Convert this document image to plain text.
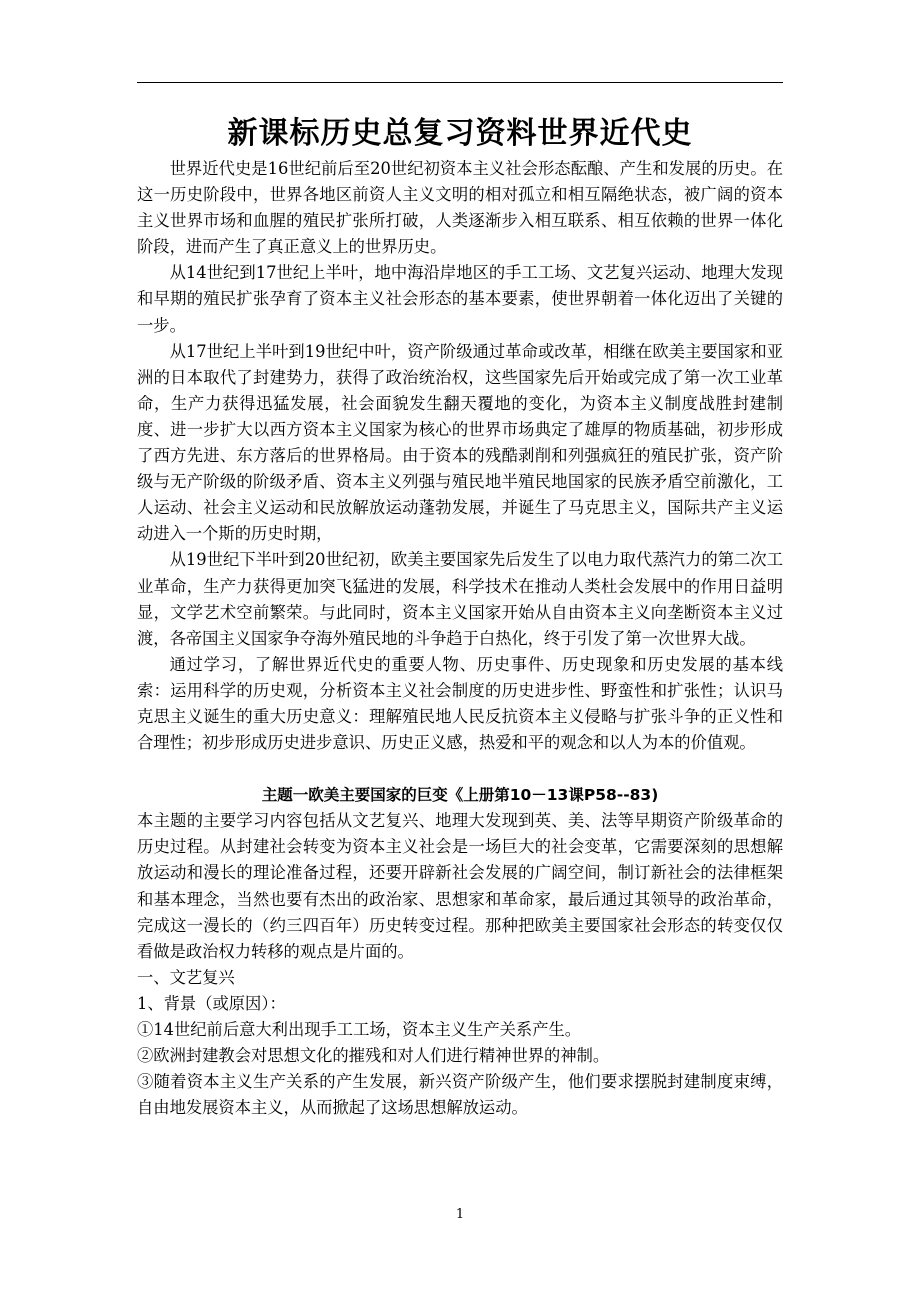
新课标历史总复习资料世界近代史

世界近代史是16世纪前后至20世纪初资本主义社会形态酝酿、产生和发展的历史。在这一历史阶段中，世界各地区前资人主义文明的相对孤立和相互隔绝状态，被广阔的资本主义世界市场和血腥的殖民扩张所打破，人类逐渐步入相互联系、相互依赖的世界一体化阶段，进而产生了真正意义上的世界历史。

从14世纪到17世纪上半叶，地中海沿岸地区的手工工场、文艺复兴运动、地理大发现和早期的殖民扩张孕育了资本主义社会形态的基本要素，使世界朝着一体化迈出了关键的一步。

从17世纪上半叶到19世纪中叶，资产阶级通过革命或改革，相继在欧美主要国家和亚洲的日本取代了封建势力，获得了政治统治权，这些国家先后开始或完成了第一次工业革命，生产力获得迅猛发展，社会面貌发生翻天覆地的变化，为资本主义制度战胜封建制度、进一步扩大以西方资本主义国家为核心的世界市场典定了雄厚的物质基础，初步形成了西方先进、东方落后的世界格局。由于资本的残酷剥削和列强疯狂的殖民扩张，资产阶级与无产阶级的阶级矛盾、资本主义列强与殖民地半殖民地国家的民族矛盾空前激化，工人运动、社会主义运动和民放解放运动蓬勃发展，并诞生了马克思主义，国际共产主义运动进入一个斯的历史时期，

从19世纪下半叶到20世纪初，欧美主要国家先后发生了以电力取代蒸汽力的第二次工业革命，生产力获得更加突飞猛进的发展，科学技术在推动人类杜会发展中的作用日益明显，文学艺术空前繁荣。与此同时，资本主义国家开始从自由资本主义向垄断资本主义过渡，各帝国主义国家争夺海外殖民地的斗争趋于白热化，终于引发了第一次世界大战。

通过学习，了解世界近代史的重要人物、历史事件、历史现象和历史发展的基本线索：运用科学的历史观，分析资本主义社会制度的历史进步性、野蛮性和扩张性；认识马克思主义诞生的重大历史意义：理解殖民地人民反抗资本主义侵略与扩张斗争的正义性和合理性；初步形成历史进步意识、历史正义感，热爱和平的观念和以人为本的价值观。

主题一欧美主要国家的巨变《上册第10－13课P58--83)

本主题的主要学习内容包括从文艺复兴、地理大发现到英、美、法等早期资产阶级革命的历史过程。从封建社会转变为资本主义社会是一场巨大的社会变革，它需要深刻的思想解放运动和漫长的理论准备过程，还要开辟新社会发展的广阔空间，制订新社会的法律框架和基本理念，当然也要有杰出的政治家、思想家和革命家，最后通过其领导的政治革命，完成这一漫长的（约三四百年）历史转变过程。那种把欧美主要国家社会形态的转变仅仅看做是政治权力转移的观点是片面的。

一、文艺复兴

1、背景（或原因）：

①14世纪前后意大利出现手工工场，资本主义生产关系产生。

②欧洲封建教会对思想文化的摧残和对人们进行精神世界的神制。

③随着资本主义生产关系的产生发展，新兴资产阶级产生，他们要求摆脱封建制度束缚，自由地发展资本主义，从而掀起了这场思想解放运动。

1
